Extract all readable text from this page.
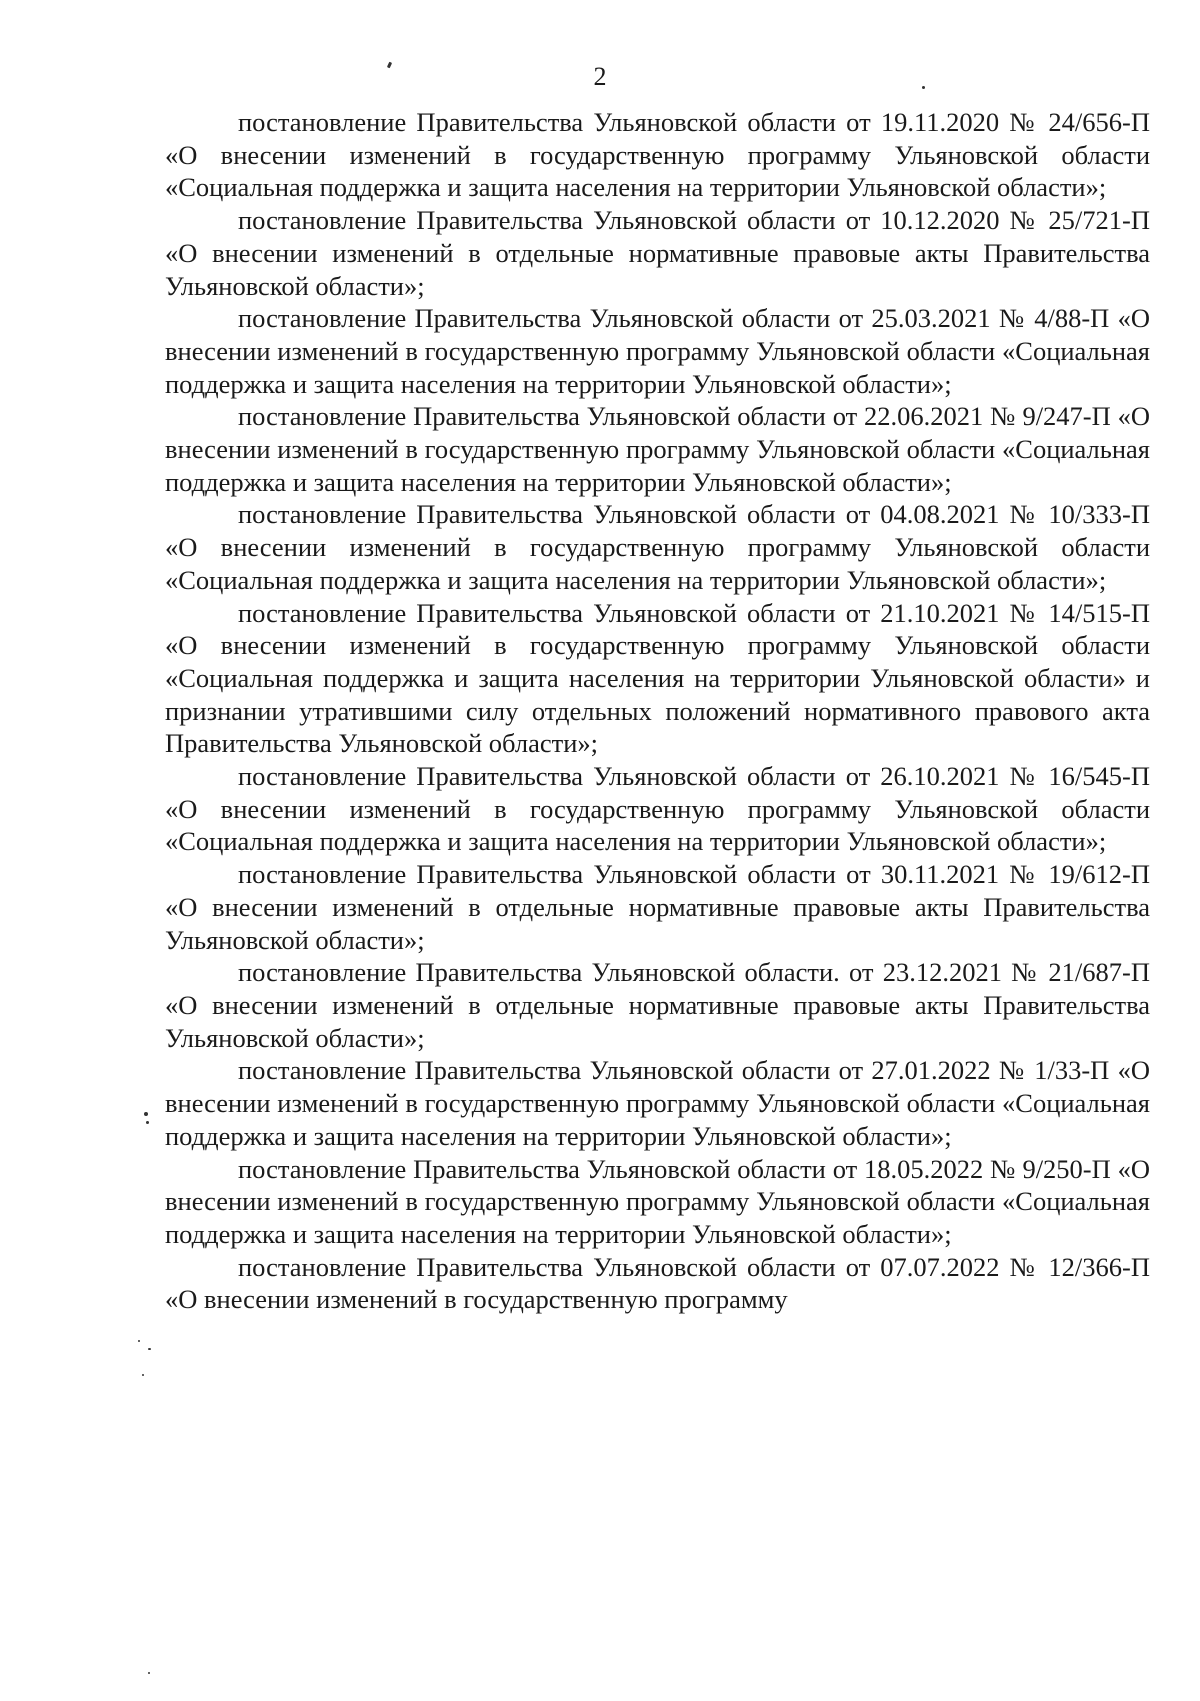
2

постановление Правительства Ульяновской области от 19.11.2020 № 24/656-П «О внесении изменений в государственную программу Ульяновской области «Социальная поддержка и защита населения на территории Ульяновской области»;

постановление Правительства Ульяновской области от 10.12.2020 № 25/721-П «О внесении изменений в отдельные нормативные правовые акты Правительства Ульяновской области»;

постановление Правительства Ульяновской области от 25.03.2021 № 4/88-П «О внесении изменений в государственную программу Ульяновской области «Социальная поддержка и защита населения на территории Ульяновской области»;

постановление Правительства Ульяновской области от 22.06.2021 № 9/247-П «О внесении изменений в государственную программу Ульяновской области «Социальная поддержка и защита населения на территории Ульяновской области»;

постановление Правительства Ульяновской области от 04.08.2021 № 10/333-П «О внесении изменений в государственную программу Ульяновской области «Социальная поддержка и защита населения на территории Ульяновской области»;

постановление Правительства Ульяновской области от 21.10.2021 № 14/515-П «О внесении изменений в государственную программу Ульяновской области «Социальная поддержка и защита населения на территории Ульяновской области» и признании утратившими силу отдельных положений нормативного правового акта Правительства Ульяновской области»;

постановление Правительства Ульяновской области от 26.10.2021 № 16/545-П «О внесении изменений в государственную программу Ульяновской области «Социальная поддержка и защита населения на территории Ульяновской области»;

постановление Правительства Ульяновской области от 30.11.2021 № 19/612-П «О внесении изменений в отдельные нормативные правовые акты Правительства Ульяновской области»;

постановление Правительства Ульяновской области. от 23.12.2021 № 21/687-П «О внесении изменений в отдельные нормативные правовые акты Правительства Ульяновской области»;

постановление Правительства Ульяновской области от 27.01.2022 № 1/33-П «О внесении изменений в государственную программу Ульяновской области «Социальная поддержка и защита населения на территории Ульяновской области»;

постановление Правительства Ульяновской области от 18.05.2022 № 9/250-П «О внесении изменений в государственную программу Ульяновской области «Социальная поддержка и защита населения на территории Ульяновской области»;

постановление Правительства Ульяновской области от 07.07.2022 № 12/366-П «О внесении изменений в государственную программу
